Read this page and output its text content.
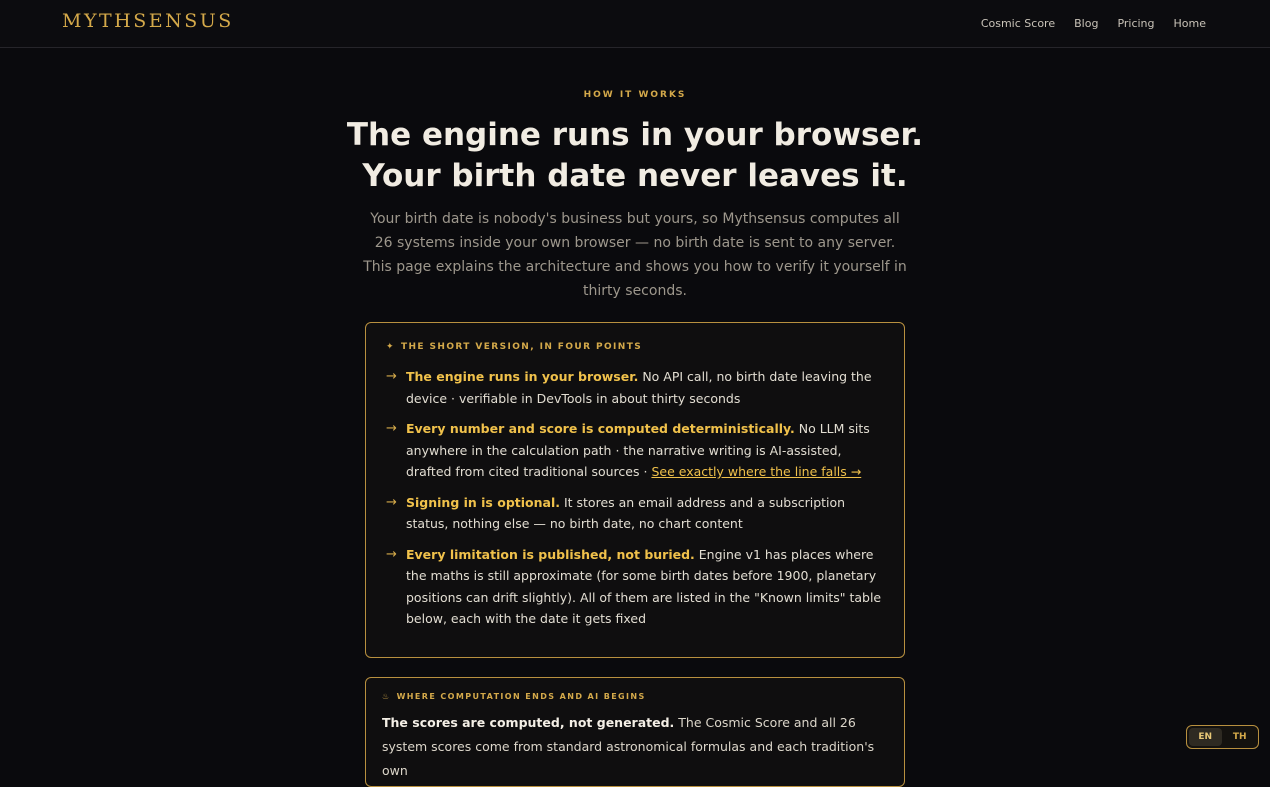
MYTHSENSUS	Cosmic Score Blog Pricing Home
HOW IT WORKS
The engine runs in your browser.
Your birth date never leaves it.

Your birth date is nobody's business but yours, so Mythsensus computes all 26 systems inside your own browser — no birth date is sent to any server. This page explains the architecture and shows you how to verify it yourself in thirty seconds.

✦ THE SHORT VERSION, IN FOUR POINTS
→ The engine runs in your browser. No API call, no birth date leaving the device · verifiable in DevTools in about thirty seconds
→ Every number and score is computed deterministically. No LLM sits anywhere in the calculation path · the narrative writing is AI-assisted, drafted from cited traditional sources · See exactly where the line falls →
→ Signing in is optional. It stores an email address and a subscription status, nothing else — no birth date, no chart content
→ Every limitation is published, not buried. Engine v1 has places where the maths is still approximate (for some birth dates before 1900, planetary positions can drift slightly). All of them are listed in the "Known limits" table below, each with the date it gets fixed
♨ WHERE COMPUTATION ENDS AND AI BEGINS

The scores are computed, not generated. The Cosmic Score and all 26 system scores come from standard astronomical formulas and each tradition's own

EN	TH
